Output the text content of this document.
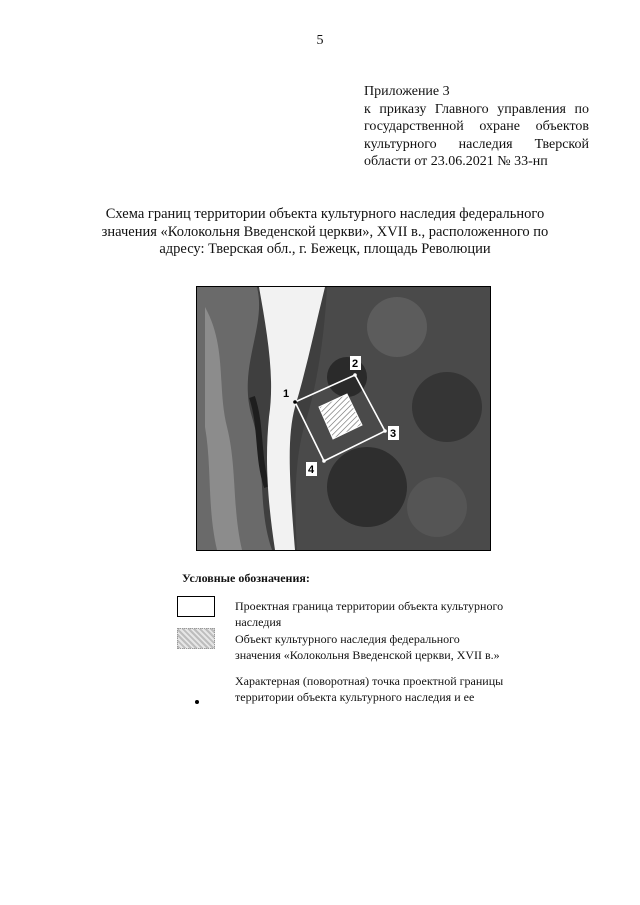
5
Приложение 3
к приказу Главного управления по
государственной охране объектов
культурного наследия Тверской
области от 23.06.2021 № 33-нп
Схема границ территории объекта культурного наследия федерального
значения «Колокольня Введенской церкви», XVII в., расположенного по
адресу: Тверская обл., г. Бежецк, площадь Революции
1
2
3
4
Условные обозначения:
Проектная граница территории объекта культурного
наследия
Объект культурного наследия федерального
значения «Колокольня Введенской церкви, XVII в.»
Характерная (поворотная) точка проектной границы
территории объекта культурного наследия и ее
